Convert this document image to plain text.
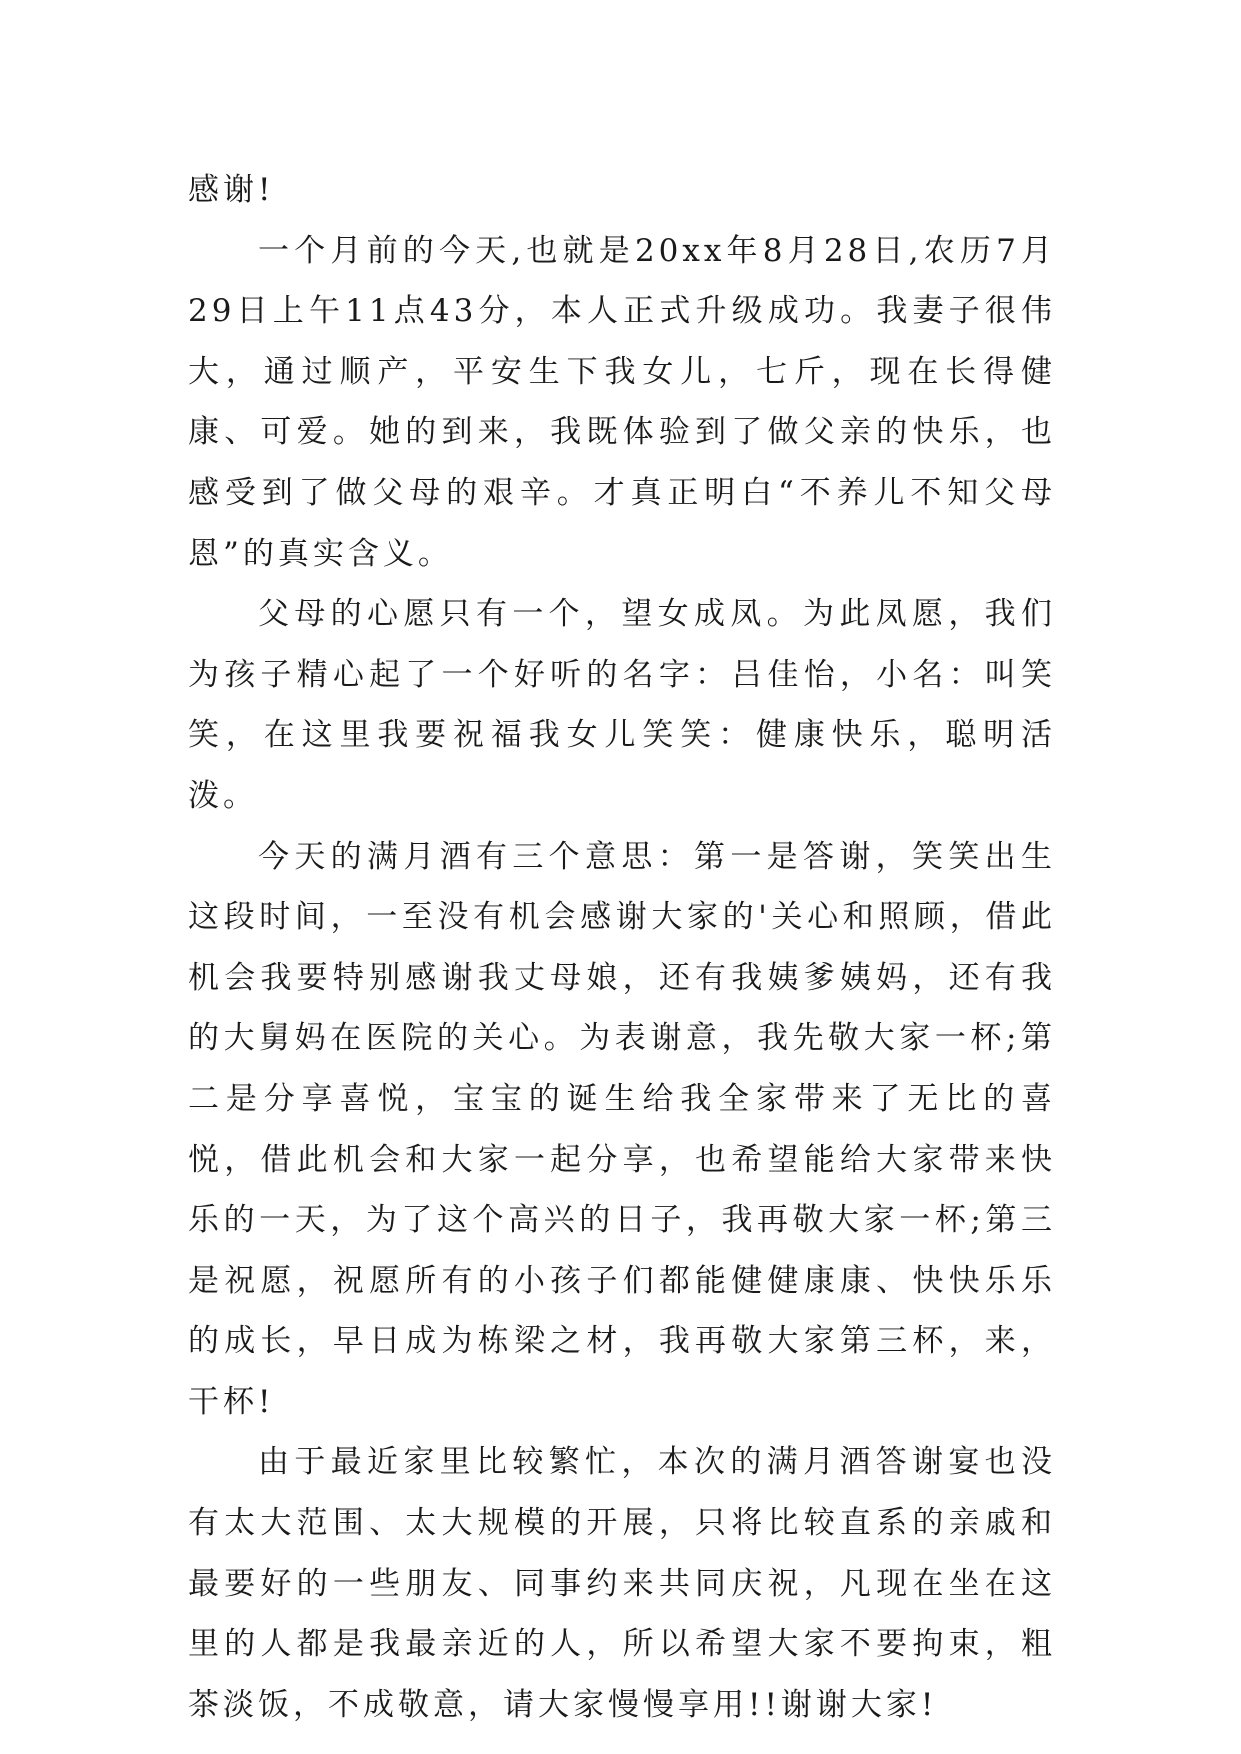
感谢!

一个月前的今天,也就是20xx年8月28日,农历7月29日上午11点43分，本人正式升级成功。我妻子很伟大，通过顺产，平安生下我女儿，七斤，现在长得健康、可爱。她的到来，我既体验到了做父亲的快乐，也感受到了做父母的艰辛。才真正明白“不养儿不知父母恩”的真实含义。

父母的心愿只有一个，望女成凤。为此凤愿，我们为孩子精心起了一个好听的名字：吕佳怡，小名：叫笑笑，在这里我要祝福我女儿笑笑：健康快乐，聪明活泼。

今天的满月酒有三个意思：第一是答谢，笑笑出生这段时间，一至没有机会感谢大家的'关心和照顾，借此机会我要特别感谢我丈母娘，还有我姨爹姨妈，还有我的大舅妈在医院的关心。为表谢意，我先敬大家一杯;第二是分享喜悦，宝宝的诞生给我全家带来了无比的喜悦，借此机会和大家一起分享，也希望能给大家带来快乐的一天，为了这个高兴的日子，我再敬大家一杯;第三是祝愿，祝愿所有的小孩子们都能健健康康、快快乐乐的成长，早日成为栋梁之材，我再敬大家第三杯，来，干杯!

由于最近家里比较繁忙，本次的满月酒答谢宴也没有太大范围、太大规模的开展，只将比较直系的亲戚和最要好的一些朋友、同事约来共同庆祝，凡现在坐在这里的人都是我最亲近的人，所以希望大家不要拘束，粗茶淡饭，不成敬意，请大家慢慢享用!!谢谢大家!
